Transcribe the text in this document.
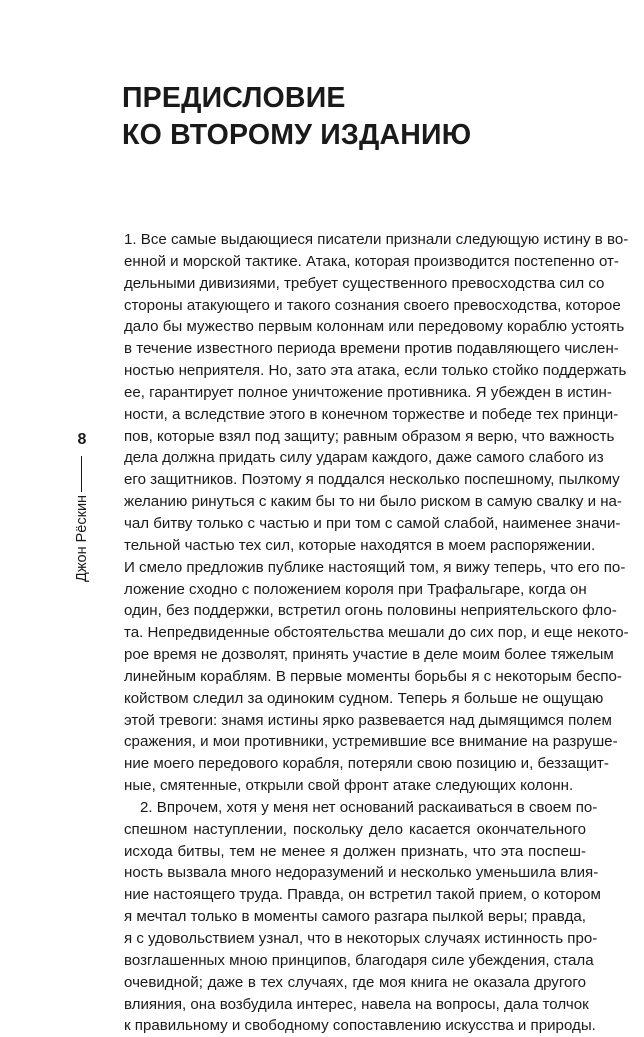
ПРЕДИСЛОВИЕ
КО ВТОРОМУ ИЗДАНИЮ
8
Джон Рёскин
1. Все самые выдающиеся писатели признали следующую истину в во-
енной и морской тактике. Атака, которая производится постепенно от-
дельными дивизиями, требует существенного превосходства сил со
стороны атакующего и такого сознания своего превосходства, которое
дало бы мужество первым колоннам или передовому кораблю устоять
в течение известного периода времени против подавляющего числен-
ностью неприятеля. Но, зато эта атака, если только стойко поддержать
ее, гарантирует полное уничтожение противника. Я убежден в истин-
ности, а вследствие этого в конечном торжестве и победе тех принци-
пов, которые взял под защиту; равным образом я верю, что важность
дела должна придать силу ударам каждого, даже самого слабого из
его защитников. Поэтому я поддался несколько поспешному, пылкому
желанию ринуться с каким бы то ни было риском в самую свалку и на-
чал битву только с частью и при том с самой слабой, наименее значи-
тельной частью тех сил, которые находятся в моем распоряжении.
И смело предложив публике настоящий том, я вижу теперь, что его по-
ложение сходно с положением короля при Трафальгаре, когда он
один, без поддержки, встретил огонь половины неприятельского фло-
та. Непредвиденные обстоятельства мешали до сих пор, и еще некото-
рое время не дозволят, принять участие в деле моим более тяжелым
линейным кораблям. В первые моменты борьбы я с некоторым беспо-
койством следил за одиноким судном. Теперь я больше не ощущаю
этой тревоги: знамя истины ярко развевается над дымящимся полем
сражения, и мои противники, устремившие все внимание на разруше-
ние моего передового корабля, потеряли свою позицию и, беззащит-
ные, смятенные, открыли свой фронт атаке следующих колонн.
2. Впрочем, хотя у меня нет оснований раскаиваться в своем по-
спешном наступлении, поскольку дело касается окончательного
исхода битвы, тем не менее я должен признать, что эта поспеш-
ность вызвала много недоразумений и несколько уменьшила влия-
ние настоящего труда. Правда, он встретил такой прием, о котором
я мечтал только в моменты самого разгара пылкой веры; правда,
я с удовольствием узнал, что в некоторых случаях истинность про-
возглашенных мною принципов, благодаря силе убеждения, стала
очевидной; даже в тех случаях, где моя книга не оказала другого
влияния, она возбудила интерес, навела на вопросы, дала толчок
к правильному и свободному сопоставлению искусства и природы.
